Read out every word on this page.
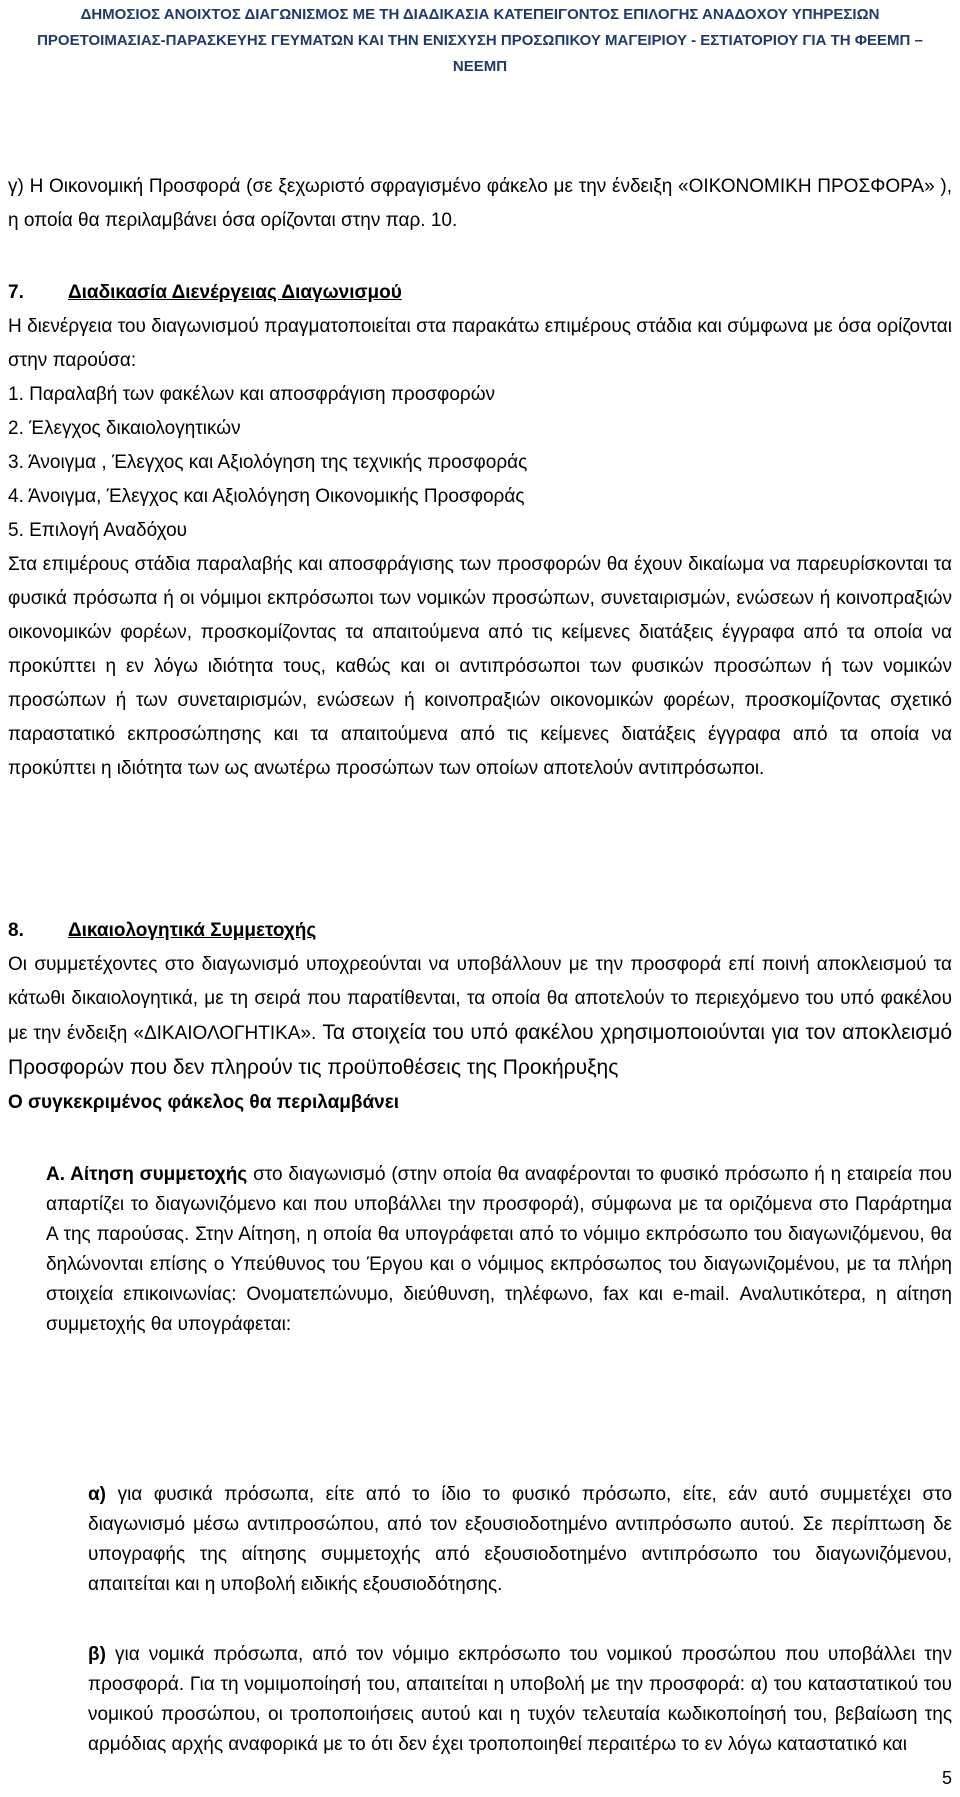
ΔΗΜΟΣΙΟΣ ΑΝΟΙΧΤΟΣ ΔΙΑΓΩΝΙΣΜΟΣ ΜΕ ΤΗ ΔΙΑΔΙΚΑΣΙΑ ΚΑΤΕΠΕΙΓΟΝΤΟΣ ΕΠΙΛΟΓΗΣ ΑΝΑΔΟΧΟΥ ΥΠΗΡΕΣΙΩΝ
ΠΡΟΕΤΟΙΜΑΣΙΑΣ-ΠΑΡΑΣΚΕΥΗΣ ΓΕΥΜΑΤΩΝ ΚΑΙ ΤΗΝ ΕΝΙΣΧΥΣΗ ΠΡΟΣΩΠΙΚΟΥ ΜΑΓΕΙΡΙΟΥ - ΕΣΤΙΑΤΟΡΙΟΥ ΓΙΑ ΤΗ ΦΕΕΜΠ –
ΝΕΕΜΠ
γ) Η Οικονομική Προσφορά (σε ξεχωριστό σφραγισμένο φάκελο με την ένδειξη «ΟΙΚΟΝΟΜΙΚΗ ΠΡΟΣΦΟΡΑ» ), η οποία θα περιλαμβάνει όσα ορίζονται στην παρ. 10.
7. Διαδικασία Διενέργειας Διαγωνισμού
Η διενέργεια του διαγωνισμού πραγματοποιείται στα παρακάτω επιμέρους στάδια και σύμφωνα με όσα ορίζονται στην παρούσα:
1. Παραλαβή των φακέλων και αποσφράγιση προσφορών
2. Έλεγχος δικαιολογητικών
3. Άνοιγμα , Έλεγχος και Αξιολόγηση της τεχνικής προσφοράς
4. Άνοιγμα, Έλεγχος και Αξιολόγηση Οικονομικής Προσφοράς
5. Επιλογή Αναδόχου
Στα επιμέρους στάδια παραλαβής και αποσφράγισης των προσφορών θα έχουν δικαίωμα να παρευρίσκονται τα φυσικά πρόσωπα ή οι νόμιμοι εκπρόσωποι των νομικών προσώπων, συνεταιρισμών, ενώσεων ή κοινοπραξιών οικονομικών φορέων, προσκομίζοντας τα απαιτούμενα από τις κείμενες διατάξεις έγγραφα από τα οποία να προκύπτει η εν λόγω ιδιότητα τους, καθώς και οι αντιπρόσωποι των φυσικών προσώπων ή των νομικών προσώπων ή των συνεταιρισμών, ενώσεων ή κοινοπραξιών οικονομικών φορέων, προσκομίζοντας σχετικό παραστατικό εκπροσώπησης και τα απαιτούμενα από τις κείμενες διατάξεις έγγραφα από τα οποία να προκύπτει η ιδιότητα των ως ανωτέρω προσώπων των οποίων αποτελούν αντιπρόσωποι.
8. Δικαιολογητικά Συμμετοχής
Οι συμμετέχοντες στο διαγωνισμό υποχρεούνται να υποβάλλουν με την προσφορά επί ποινή αποκλεισμού τα κάτωθι δικαιολογητικά, με τη σειρά που παρατίθενται, τα οποία θα αποτελούν το περιεχόμενο του υπό φακέλου με την ένδειξη «ΔΙΚΑΙΟΛΟΓΗΤΙΚΑ». Τα στοιχεία του υπό φακέλου χρησιμοποιούνται για τον αποκλεισμό Προσφορών που δεν πληρούν τις προϋποθέσεις της Προκήρυξης
Ο συγκεκριμένος φάκελος θα περιλαμβάνει
Α. Αίτηση συμμετοχής στο διαγωνισμό (στην οποία θα αναφέρονται το φυσικό πρόσωπο ή η εταιρεία που απαρτίζει το διαγωνιζόμενο και που υποβάλλει την προσφορά), σύμφωνα με τα οριζόμενα στο Παράρτημα Α της παρούσας. Στην Αίτηση, η οποία θα υπογράφεται από το νόμιμο εκπρόσωπο του διαγωνιζόμενου, θα δηλώνονται επίσης ο Υπεύθυνος του Έργου και ο νόμιμος εκπρόσωπος του διαγωνιζομένου, με τα πλήρη στοιχεία επικοινωνίας: Ονοματεπώνυμο, διεύθυνση, τηλέφωνο, fax και e-mail. Αναλυτικότερα, η αίτηση συμμετοχής θα υπογράφεται:
α) για φυσικά πρόσωπα, είτε από το ίδιο το φυσικό πρόσωπο, είτε, εάν αυτό συμμετέχει στο διαγωνισμό μέσω αντιπροσώπου, από τον εξουσιοδοτημένο αντιπρόσωπο αυτού. Σε περίπτωση δε υπογραφής της αίτησης συμμετοχής από εξουσιοδοτημένο αντιπρόσωπο του διαγωνιζόμενου, απαιτείται και η υποβολή ειδικής εξουσιοδότησης.
β) για νομικά πρόσωπα, από τον νόμιμο εκπρόσωπο του νομικού προσώπου που υποβάλλει την προσφορά. Για τη νομιμοποίησή του, απαιτείται η υποβολή με την προσφορά: α) του καταστατικού του νομικού προσώπου, οι τροποποιήσεις αυτού και η τυχόν τελευταία κωδικοποίησή του, βεβαίωση της αρμόδιας αρχής αναφορικά με το ότι δεν έχει τροποποιηθεί περαιτέρω το εν λόγω καταστατικό και
5
